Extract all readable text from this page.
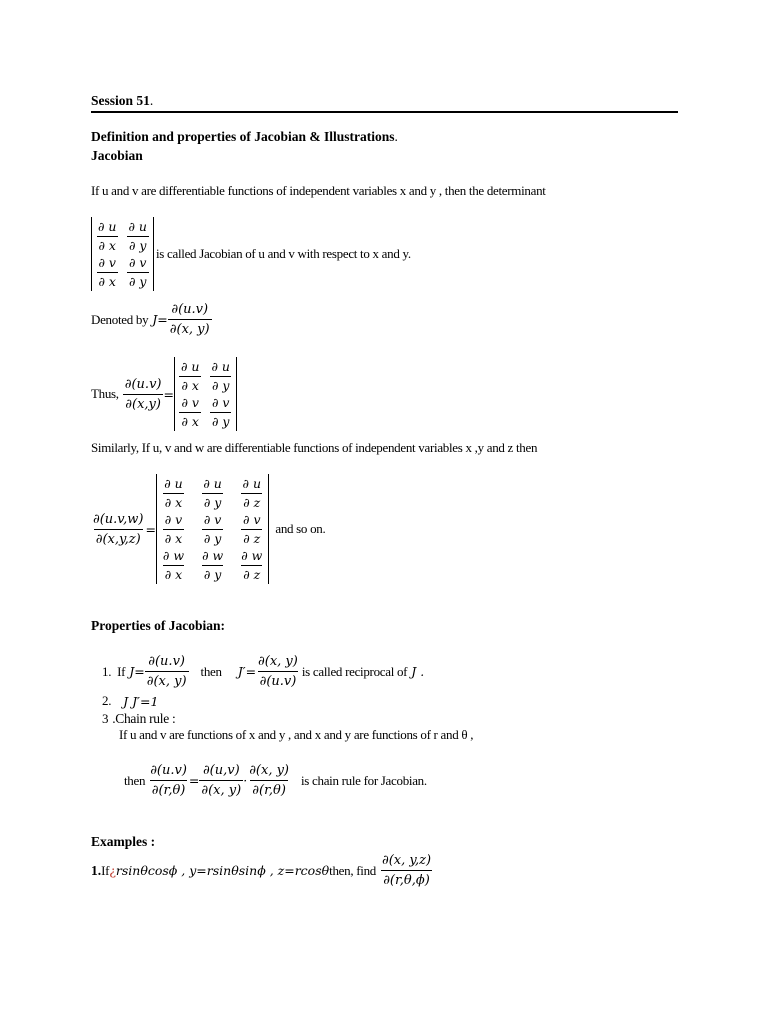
Session 51.
Definition and properties of Jacobian & Illustrations.
Jacobian
If u and v are differentiable functions of independent variables x and y , then the determinant
$\frac{\partial u}{\partial x} \frac{\partial u}{\partial y}$
$\frac{\partial v}{\partial x} \frac{\partial v}{\partial y}$
is called Jacobian of u and v with respect to x and y.
Denoted by $J= \frac{\partial(u.v)}{\partial(x, y)}$
Thus, $\frac{\partial(u.v)}{\partial(x,y)} = \frac{\partial u}{\partial x} \frac{\partial u}{\partial y}$
$\frac{\partial v}{\partial x} \frac{\partial v}{\partial y}$
Similarly, If u, v and w are differentiable functions of independent variables x ,y and z then
$\frac{\partial(u.v,w)}{\partial(x,y,z)}$ =
$\frac{\partial u}{\partial x} \frac{\partial u}{\partial y} \frac{\partial u}{\partial z}$
$\frac{\partial v}{\partial x} \frac{\partial v}{\partial y} \frac{\partial v}{\partial z}$
$\frac{\partial w}{\partial x} \frac{\partial w}{\partial y} \frac{\partial w}{\partial z}$
and so on.
Properties of Jacobian:
1. If $J= \frac{\partial(u.v)}{\partial(x, y)}$ then $J'= \frac{\partial(x, y)}{\partial(u.v)}$ is called reciprocal of J .
2. J J′=1
3 .Chain rule :
If u and v are functions of x and y , and x and y are functions of r and θ ,
then $\frac{\partial(u.v)}{\partial(r,\theta)} = \frac{\partial(u,v)}{\partial(x, y)} \cdot \frac{\partial(x, y)}{\partial(r,\theta)}$ is chain rule for Jacobian.
Examples :
1. If ¿ rsinθcosϕ , y=rsinθsinϕ , z=rcosθ then, find $\frac{\partial(x, y,z)}{\partial(r,\theta,\phi)}$
